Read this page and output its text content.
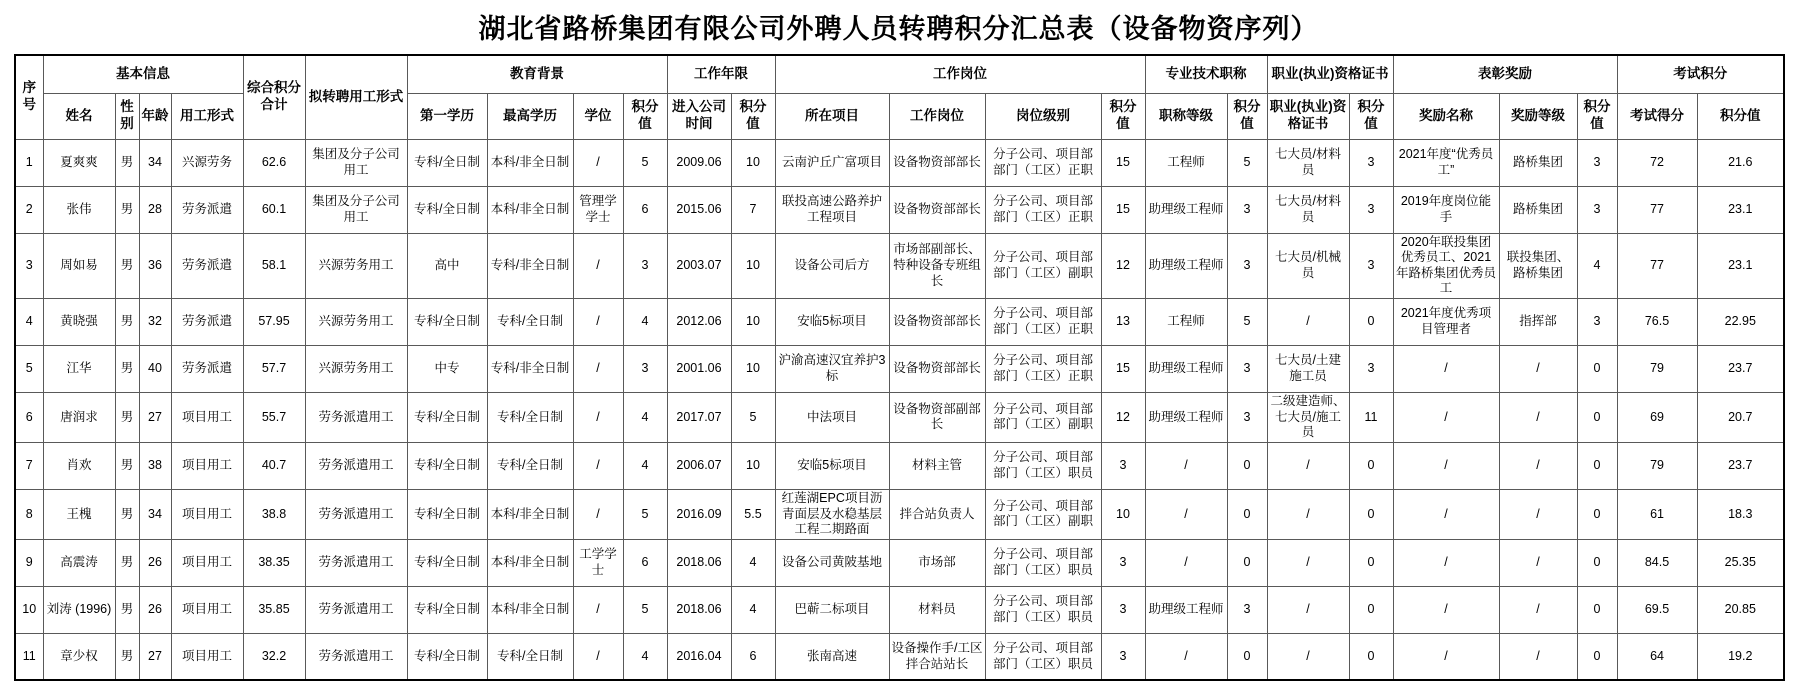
湖北省路桥集团有限公司外聘人员转聘积分汇总表（设备物资序列）
序号	基本信息				综合积分合计	拟转聘用工形式	教育背景				工作年限		工作岗位				专业技术职称		职业(执业)资格证书		表彰奖励			考试积分	
	姓名	性别	年龄	用工形式			第一学历	最高学历	学位	积分值	进入公司时间	积分值	所在项目	工作岗位	岗位级别	积分值	职称等级	积分值	职业(执业)资格证书	积分值	奖励名称	奖励等级	积分值	考试得分	积分值
1	夏爽爽	男	34	兴源劳务	62.6	集团及分子公司用工	专科/全日制	本科/非全日制	/	5	2009.06	10	云南沪丘广富项目	设备物资部部长	分子公司、项目部部门（工区）正职	15	工程师	5	七大员/材料员	3	2021年度“优秀员工”	路桥集团	3	72	21.6
2	张伟	男	28	劳务派遣	60.1	集团及分子公司用工	专科/全日制	本科/非全日制	管理学学士	6	2015.06	7	联投高速公路养护工程项目	设备物资部部长	分子公司、项目部部门（工区）正职	15	助理级工程师	3	七大员/材料员	3	2019年度岗位能手	路桥集团	3	77	23.1
3	周如易	男	36	劳务派遣	58.1	兴源劳务用工	高中	专科/非全日制	/	3	2003.07	10	设备公司后方	市场部副部长、特种设备专班组长	分子公司、项目部部门（工区）副职	12	助理级工程师	3	七大员/机械员	3	2020年联投集团优秀员工、2021年路桥集团优秀员工	联投集团、路桥集团	4	77	23.1
4	黄晓强	男	32	劳务派遣	57.95	兴源劳务用工	专科/全日制	专科/全日制	/	4	2012.06	10	安临5标项目	设备物资部部长	分子公司、项目部部门（工区）正职	13	工程师	5	/	0	2021年度优秀项目管理者	指挥部	3	76.5	22.95
5	江华	男	40	劳务派遣	57.7	兴源劳务用工	中专	专科/非全日制	/	3	2001.06	10	沪渝高速汉宜养护3标	设备物资部部长	分子公司、项目部部门（工区）正职	15	助理级工程师	3	七大员/土建施工员	3	/	/	0	79	23.7
6	唐润求	男	27	项目用工	55.7	劳务派遣用工	专科/全日制	专科/全日制	/	4	2017.07	5	中法项目	设备物资部副部长	分子公司、项目部部门（工区）副职	12	助理级工程师	3	二级建造师、七大员/施工员	11	/	/	0	69	20.7
7	肖欢	男	38	项目用工	40.7	劳务派遣用工	专科/全日制	专科/全日制	/	4	2006.07	10	安临5标项目	材料主管	分子公司、项目部部门（工区）职员	3	/	0	/	0	/	/	0	79	23.7
8	王槐	男	34	项目用工	38.8	劳务派遣用工	专科/全日制	本科/非全日制	/	5	2016.09	5.5	红莲湖EPC项目沥青面层及水稳基层工程二期路面	拌合站负责人	分子公司、项目部部门（工区）副职	10	/	0	/	0	/	/	0	61	18.3
9	高震涛	男	26	项目用工	38.35	劳务派遣用工	专科/全日制	本科/非全日制	工学学士	6	2018.06	4	设备公司黄陂基地	市场部	分子公司、项目部部门（工区）职员	3	/	0	/	0	/	/	0	84.5	25.35
10	刘涛 (1996)	男	26	项目用工	35.85	劳务派遣用工	专科/全日制	本科/非全日制	/	5	2018.06	4	巴蕲二标项目	材料员	分子公司、项目部部门（工区）职员	3	助理级工程师	3	/	0	/	/	0	69.5	20.85
11	章少权	男	27	项目用工	32.2	劳务派遣用工	专科/全日制	专科/全日制	/	4	2016.04	6	张南高速	设备操作手/工区拌合站站长	分子公司、项目部部门（工区）职员	3	/	0	/	0	/	/	0	64	19.2
